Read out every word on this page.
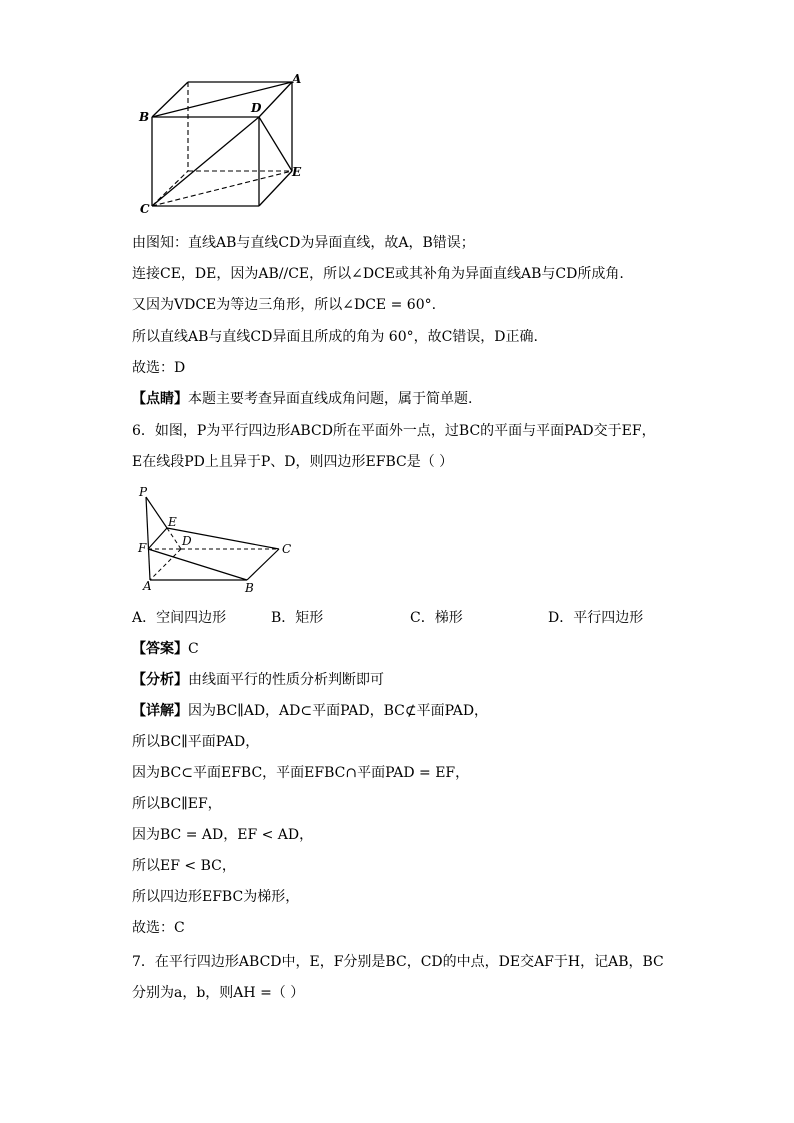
A
B
D
E
C
由图知：直线AB与直线CD为异面直线，故A，B错误；
连接CE，DE，因为AB//CE，所以∠DCE或其补角为异面直线AB与CD所成角.
又因为VDCE为等边三角形，所以∠DCE = 60°.
所以直线AB与直线CD异面且所成的角为 60°，故C错误，D正确.
故选：D
【点睛】本题主要考查异面直线成角问题，属于简单题.
6．如图，P为平行四边形ABCD所在平面外一点，过BC的平面与平面PAD交于EF，
E在线段PD上且异于P、D，则四边形EFBC是（ ）
P
E
F	D
C
A	B
A．空间四边形	B．矩形	C．梯形	D．平行四边形
【答案】C
【分析】由线面平行的性质分析判断即可
【详解】因为BC∥AD，AD⊂平面PAD，BC⊄平面PAD，
所以BC∥平面PAD，
因为BC⊂平面EFBC，平面EFBC∩平面PAD = EF，
所以BC∥EF，
因为BC = AD，EF < AD，
所以EF < BC，
所以四边形EFBC为梯形，
故选：C
7．在平行四边形ABCD中，E，F分别是BC，CD的中点，DE交AF于H，记AB，BC
分别为a，b，则AH =（ ）
